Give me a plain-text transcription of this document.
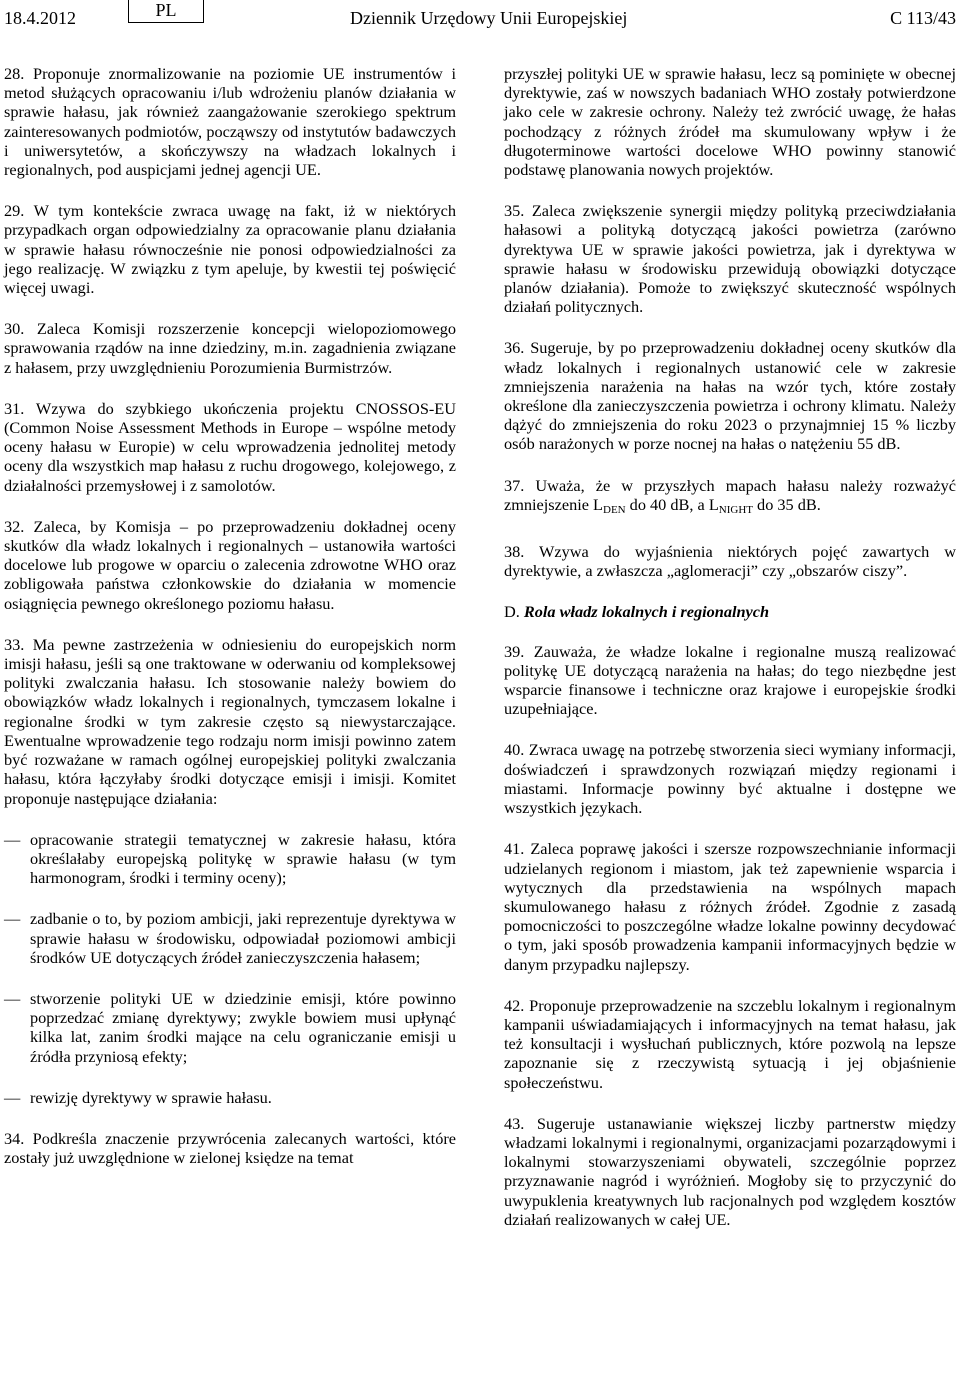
18.4.2012	PL	Dziennik Urzędowy Unii Europejskiej	C 113/43

28. Proponuje znormalizowanie na poziomie UE instrumentów i metod służących opracowaniu i/lub wdrożeniu planów działania w sprawie hałasu, jak również zaangażowanie szerokiego spektrum zainteresowanych podmiotów, począwszy od instytutów badawczych i uniwersytetów, a skończywszy na władzach lokalnych i regionalnych, pod auspicjami jednej agencji UE.

29. W tym kontekście zwraca uwagę na fakt, iż w niektórych przypadkach organ odpowiedzialny za opracowanie planu działania w sprawie hałasu równocześnie nie ponosi odpowiedzialności za jego realizację. W związku z tym apeluje, by kwestii tej poświęcić więcej uwagi.

30. Zaleca Komisji rozszerzenie koncepcji wielopoziomowego sprawowania rządów na inne dziedziny, m.in. zagadnienia związane z hałasem, przy uwzględnieniu Porozumienia Burmistrzów.

31. Wzywa do szybkiego ukończenia projektu CNOSSOS-EU (Common Noise Assessment Methods in Europe – wspólne metody oceny hałasu w Europie) w celu wprowadzenia jednolitej metody oceny dla wszystkich map hałasu z ruchu drogowego, kolejowego, z działalności przemysłowej i z samolotów.

32. Zaleca, by Komisja – po przeprowadzeniu dokładnej oceny skutków dla władz lokalnych i regionalnych – ustanowiła wartości docelowe lub progowe w oparciu o zalecenia zdrowotne WHO oraz zobligowała państwa członkowskie do działania w momencie osiągnięcia pewnego określonego poziomu hałasu.

33. Ma pewne zastrzeżenia w odniesieniu do europejskich norm imisji hałasu, jeśli są one traktowane w oderwaniu od kompleksowej polityki zwalczania hałasu. Ich stosowanie należy bowiem do obowiązków władz lokalnych i regionalnych, tymczasem lokalne i regionalne środki w tym zakresie często są niewystarczające. Ewentualne wprowadzenie tego rodzaju norm imisji powinno zatem być rozważane w ramach ogólnej europejskiej polityki zwalczania hałasu, która łączyłaby środki dotyczące emisji i imisji. Komitet proponuje następujące działania:

— opracowanie strategii tematycznej w zakresie hałasu, która określałaby europejską politykę w sprawie hałasu (w tym harmonogram, środki i terminy oceny);
— zadbanie o to, by poziom ambicji, jaki reprezentuje dyrektywa w sprawie hałasu w środowisku, odpowiadał poziomowi ambicji środków UE dotyczących źródeł zanieczyszczenia hałasem;
— stworzenie polityki UE w dziedzinie emisji, które powinno poprzedzać zmianę dyrektywy; zwykle bowiem musi upłynąć kilka lat, zanim środki mające na celu ograniczanie emisji u źródła przyniosą efekty;
— rewizję dyrektywy w sprawie hałasu.

34. Podkreśla znaczenie przywrócenia zalecanych wartości, które zostały już uwzględnione w zielonej księdze na temat

przyszłej polityki UE w sprawie hałasu, lecz są pominięte w obecnej dyrektywie, zaś w nowszych badaniach WHO zostały potwierdzone jako cele w zakresie ochrony. Należy też zwrócić uwagę, że hałas pochodzący z różnych źródeł ma skumulowany wpływ i że długoterminowe wartości docelowe WHO powinny stanowić podstawę planowania nowych projektów.

35. Zaleca zwiększenie synergii między polityką przeciwdziałania hałasowi a polityką dotyczącą jakości powietrza (zarówno dyrektywa UE w sprawie jakości powietrza, jak i dyrektywa w sprawie hałasu w środowisku przewidują obowiązki dotyczące planów działania). Pomoże to zwiększyć skuteczność wspólnych działań politycznych.

36. Sugeruje, by po przeprowadzeniu dokładnej oceny skutków dla władz lokalnych i regionalnych ustanowić cele w zakresie zmniejszenia narażenia na hałas na wzór tych, które zostały określone dla zanieczyszczenia powietrza i ochrony klimatu. Należy dążyć do zmniejszenia do roku 2023 o przynajmniej 15 % liczby osób narażonych w porze nocnej na hałas o natężeniu 55 dB.

37. Uważa, że w przyszłych mapach hałasu należy rozważyć zmniejszenie $L_{DEN}$ do 40 dB, a $L_{NIGHT}$ do 35 dB.

38. Wzywa do wyjaśnienia niektórych pojęć zawartych w dyrektywie, a zwłaszcza „aglomeracji” czy „obszarów ciszy”.

D. Rola władz lokalnych i regionalnych

39. Zauważa, że władze lokalne i regionalne muszą realizować politykę UE dotyczącą narażenia na hałas; do tego niezbędne jest wsparcie finansowe i techniczne oraz krajowe i europejskie środki uzupełniające.

40. Zwraca uwagę na potrzebę stworzenia sieci wymiany informacji, doświadczeń i sprawdzonych rozwiązań między regionami i miastami. Informacje powinny być aktualne i dostępne we wszystkich językach.

41. Zaleca poprawę jakości i szersze rozpowszechnianie informacji udzielanych regionom i miastom, jak też zapewnienie wsparcia i wytycznych dla przedstawienia na wspólnych mapach skumulowanego hałasu z różnych źródeł. Zgodnie z zasadą pomocniczości to poszczególne władze lokalne powinny decydować o tym, jaki sposób prowadzenia kampanii informacyjnych będzie w danym przypadku najlepszy.

42. Proponuje przeprowadzenie na szczeblu lokalnym i regionalnym kampanii uświadamiających i informacyjnych na temat hałasu, jak też konsultacji i wysłuchań publicznych, które pozwolą na lepsze zapoznanie się z rzeczywistą sytuacją i jej objaśnienie społeczeństwu.

43. Sugeruje ustanawianie większej liczby partnerstw między władzami lokalnymi i regionalnymi, organizacjami pozarządowymi i lokalnymi stowarzyszeniami obywateli, szczególnie poprzez przyznawanie nagród i wyróżnień. Mogłoby się to przyczynić do uwypuklenia kreatywnych lub racjonalnych pod względem kosztów działań realizowanych w całej UE.
